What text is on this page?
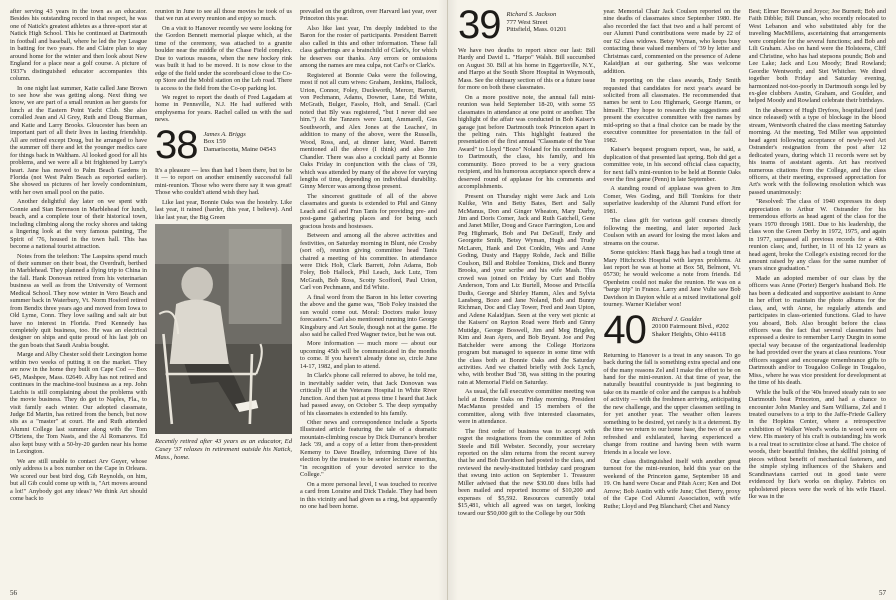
after serving 43 years in the town as an educator. Besides his outstanding record in that respect, he was one of Natick's greatest athletes as a three-sport star at Natick High School. This he continued at Dartmouth in football and baseball, where he led the Ivy League in batting for two years. He and Claire plan to stay around home for the winter and then look about New England for a place near a golf course. A picture of 1937's distinguished educator accompanies this column.

In one night last summer, Katie called Jane Brown to see how she was getting along. Next thing we know, we are part of a small reunion as her guests for lunch at the Eastern Point Yacht Club. She also corralled Jean and Al Grey, Ruth and Doug Burman, and Katie and Larry Brooks. Gloucester has been an important part of all their lives in lasting friendship. All are retired except Doug, but he arranged to have the summer off there and let the younger medics care for things back in Waltham. Al looked good for all his problems, and we were all a bit frightened by Larry's heart. Jane has moved to Palm Beach Gardens in Florida (not West Palm Beach as reported earlier). She showed us pictures of her lovely condominium, with her own small pool on the patio.

Another delightful day later on we spent with Connie and Stan Berenson in Marblehead for lunch, beach, and a complete tour of their historical town, including climbing along the rocky shores and taking a lingering look at the very famous painting, The Spirit of '76, housed in the town hall. This has become a national tourist attraction.

Notes from the telethon: The Laspsins spend much of their summer on their boat, the Overdraft, berthed in Marblehead. They planned a flying trip to China in the fall. Hank Donovan retired from his veterinarian business as well as from the University of Vermont Medical School. They now winter in Vero Beach and summer back in Waterbury, Vt. Norm Hosford retired from Bendix three years ago and moved from Iowa to Old Lyme, Conn. They love sailing and salt air but have no interest in Florida. Fred Kennedy has completely quit business, too. He was an electrical designer on ships and quite proud of his last job on the gun boats that Saudi Arabia bought.

Marge and Alby Chester sold their Lexington home within two weeks of putting it on the market. They are now in the home they built on Cape Cod — Box 645, Mashpee, Mass. 02649. Alby has not retired and continues in the machine-tool business as a rep. John Latchis is still complaining about the problems with the movie business. They do get to Naples, Fla., to visit family each winter. Our adopted classmate, Judge Ed Martin, has retired from the bench, but now sits as a "master" at court. He and Ruth attended Alumni College last summer along with the Tom O'Briens, the Tom Nasts, and the Al Romanovs. Ed also kept busy with a 50-by-20 garden near his home in Lexington.

We are still unable to contact Arv Guyer, whose only address is a box number on the Cape in Orleans. We scored our best bird dog, Gib Reynolds, on him, but all Gib could come up with is, "Art moves around a lot!" Anybody got any ideas? We think Art should come back to

reunion in June to see all those movies he took of us that we run at every reunion and enjoy so much.

On a visit to Hanover recently we were looking for the Gordon Bennett memorial plaque which, at the time of the ceremony, was attached to a granite boulder near the middle of the Chase Field complex. Due to various reasons, when the new hockey rink was built it had to be moved. It is now close to the edge of the field under the scoreboard close to the Co-op Store and the Mobil station on the Leb road. There is access to the field from the Co-op parking lot.

We regret to report the death of Fred Lagadam at home in Pennsville, N.J. He had suffered with emphysema for years. Rachel called us with the sad news.

38 James A. Briggs
Box 159
Damariscotta, Maine 04543

It's a pleasure — less than had I been there, but to be it — to report on another eminently successful fall mini-reunion. Those who were there say it was great! Those who couldn't attend wish they had.

Like last year, Bonnie Oaks was the hostelry. Like last year, it rained (harder, this year, I believe). And like last year, the Big Green

Recently retired after 43 years as an educator, Ed Casey '37 relaxes in retirement outside his Natick, Mass., home.

prevailed on the gridiron, over Harvard last year, over Princeton this year.

Also like last year, I'm deeply indebted to the Baron for the roster of participants. President Barrett also called in this and other information. These fall class gatherings are a brainchild of Clark's, for which he deserves our thanks. Any errors or omissions among the names are mea culpa, not Carl's or Clark's.

Registered at Bonnie Oaks were the following, most if not all cum wives: Graham, Jenkins, Hallock, Urion, Connor, Foley, Duckworth, Mercer, Barrett, von Pechmann, Adams, Downer, Lane, Ed White, McGrath, Bulger, Fasolo, Holt, and Small. (Carl noted that Bly was registered, "but I never did see him.") At the Tanzers were Lunt, Ammarell, Gus Southworth, and Alex Jones at the Leaches', in addition to many of the above, were the Russells, Wood, Ross, and, at dinner later, Ward. Barrett mentioned all the above (I think) and also Jim Chandler. There was also a cocktail party at Bonnie Oaks Friday in conjunction with the class of '39, which was attended by many of the above for varying lengths of time, depending on individual durability. Ginny Mercer was among those present.

The sincerest gratitude of all of the above classmates and guests is extended to Phil and Ginny Leach and Gil and Fran Tanis for providing pre- and post-game gathering places and for being such gracious hosts and hostesses.

Between and among all the above activities and festivities, on Saturday morning in Blunt, née Crosby (sort of), reunion giving committee head Tanis chaired a meeting of his committee. In attendance were Dick Holt, Clark Barrett, John Adams, Bob Foley, Bob Hallock, Phil Leach, Jack Lutz, Tom McGrath, Bob Ross, Scotty Scofford, Paul Urion, Carl von Pechmann, and Ed White.

A final word from the Baron in his letter covering the above and the game was, "Bob Foley insisted the sun would come out. Moral: Doctors make lousy forecasters." Carl also mentioned running into George Kingsbury and Art Soule, though not at the game. He also said he called Fred Wagner twice, but he was out.

More information — much more — about our upcoming 45th will be communicated in the months to come. If you haven't already done so, circle June 14-17, 1982, and plan to attend.

In Clark's phone call referred to above, he told me, in inevitably sadder vein, that Jack Donovan was critically ill at the Veterans Hospital in White River Junction. And then just at press time I heard that Jack had passed away, on October 5. The deep sympathy of his classmates is extended to his family.

Other news and correspondence include a Sports Illustrated article featuring the tale of a dramatic mountain-climbing rescue by Dick Durrance's brother Jack '39, and a copy of a letter from then-president Kemeny to Dave Bradley, informing Dave of his election by the trustees to be senior lecturer emeritus, "in recognition of your devoted service to the College."

On a more personal level, I was touched to receive a card from Loraine and Dick Tisdale. They had been in this vicinity and had given us a ring, but apparently no one had been home.

56
39 Richard S. Jackson
777 West Street
Pittsfield, Mass. 01201

We have two deaths to report since our last: Bill Hardy and David L. "Harpo" Walsh. Bill succumbed on August 30. Bill at his home in Eggertsville, N.Y., and Harpo at the South Shore Hospital in Weymouth, Mass. See the obituary section of this or a future issue for more on both these classmates.

On a more positive note, the annual fall mini-reunion was held September 18-20, with some 55 classmates in attendance at one point or another. The highlight of the affair was conducted in Bob Kaiser's garage just before Dartmouth took Princeton apart in the pelting rain. This highlight featured the presentation of the first annual "Classmate of the Year Award" to Lloyd "Bozo" Noland for his contributions to Dartmouth, the class, his family, and his community. Bozo proved to be a very gracious recipient, and his humorous acceptance speech drew a deserved round of applause for his comments and accomplishments.

Present on Thursday night were Jack and Lois Kulike, Win and Betty Bates, Bert and Sally McManus, Don and Ginger Wheaton, Mary Darby, Jim and Doris Comer, Jack and Ruth Gatchell, Gene and Janet Miller, Doug and Grace Farrington, Lou and Peg Highmark, Bob and Pat DeGraff, Endy and Georgette Smith, Betsy Wyman, Hugh and Trudy McLaren, Hank and Dot Conklin, Wes and Anne Goding, Dusty and Happy Rohde, Jack and Billie Coulson, Bill and Robilee Tomkins, Dick and Bunny Brooks, and your scribe and his wife Mash. This crowd was joined on Friday by Curt and Bobby Anderson, Tom and Liz Burtell, Moose and Priscilla Dudis, George and Shirley Hamm, Alex and Sylvia Lansberg, Bozo and Jane Noland, Bob and Bunny Richman, Doc and Clay Tower, Fred and Jean Upton, and Adene Kalaidjian. Seen at the very wet picnic at the Kaisers' on Rayton Road were Herb and Ginny Mutidge, George Boswell, Jim and Meg Brigden, Kim and Jean Ayers, and Bob Bryant. Joe and Peg Batchelder were among the College Horizons program but managed to squeeze in some time with the class both at Bonnie Oaks and the Saturday activities. And we chatted briefly with Jock Lynch, who, with brother Bud '38, was sitting in the pouring rain at Memorial Field on Saturday.

As usual, the fall executive committee meeting was held at Bonnie Oaks on Friday morning. President MacManus presided and 15 members of the committee, along with five interested classmates, were in attendance.

The first order of business was to accept with regret the resignations from the committee of John Steele and Bill Webster. Secondly, your secretary reported on the slim returns from the recent survey that he and Bob Davidson had posted to the class, and reviewed the newly-instituted birthday card program that swung into action on September 1. Treasurer Miller advised that the new $30.00 dues bills had been mailed and reported income of $10,200 and expenses of $5,592. Resources currently total $15,481, which all agreed was on target, looking toward our $50,000 gift to the College by our 50th

year. Memorial Chair Jack Coulson reported on the nine deaths of classmates since September 1980. He also recorded the fact that two and a half percent of our Alumni Fund contributions were made by 22 of our 62 class widows. Betsy Wyman, who keeps busy contacting these valued members of '39 by letter and Christmas card, commented on the presence of Adene Kalaidjian at our gathering. She was welcome addition.

In reporting on the class awards, Endy Smith requested that candidates for next year's award be solicited from all classmates. He recommended that names be sent to Lou Highmark, George Hamm, or himself. They hope to research the suggestions and present the executive committee with five names by mid-spring so that a final choice can be made by the executive committee for presentation in the fall of 1982.

Kaiser's bequest program report, was, he said, a duplication of that presented last spring. Bob did get a committee vote, in his second official class capacity, for next fall's mini-reunion to be held at Bonnie Oaks over the first game (Penn) in late September.

A standing round of applause was given to Jim Comer, Wes Goding, and Bill Tomkins for their superlative leadership of the Alumni Fund effort for 1981.

The class gift for various golf courses directly following the meeting, and later reported Jack Coulson with an award for losing the most lakes and streams on the course.

Some quickies: Hank Bagg has had a tough time at Mary Hitchcock Hospital with larynx problems. At last report he was at home at Box 58, Belmont, Vt. 05730; he would welcome a note from friends. Ed Openheim could not make the reunion. He was on a "barge trip" in France. Larry and Jane Vulte saw Bob Davidson in Dayton while at a mixed invitational golf tourney. Warner Kiefaber won!

40 Richard J. Goulder
20100 Fairmount Blvd., #202
Shaker Heights, Ohio 44118

Returning to Hanover is a treat in any season. To go back during the fall is something extra special and one of the many reasons Zel and I make the effort to be on hand for the mini-reunion. At that time of year, the naturally beautiful countryside is just beginning to take on its mantle of color and the campus is a hubbub of activity — with the freshmen arriving, anticipating the new challenge, and the upper classmen settling in for yet another year. The weather often leaves something to be desired, yet rarely is it a deterrent. By the time we return to our home base, the two of us are refreshed and exhilarated, having experienced a change from routine and having been with warm friends in a locale we love.

Our class distinguished itself with another great turnout for the mini-reunion, held this year on the weekend of the Princeton game, September 18 and 19. On hand were Oscar and Pitah Acer; Ken and Dot Arrow; Bob Austin with wife June; Chet Berry, proxy of the Cape Cod Alumni Association, with wife Ruthe; Lloyd and Peg Blanchard; Chet and Nancy

Best; Elmer Browne and Joyce; Joe Burnett; Bob and Faith Dibble; Bill Duncan, who recently relocated to West Lebanon and who substituted ably for the traveling MacMillens, ascertaining that arrangements were complete for the several functions; and Bob and Lili Graham. Also on hand were the Holsteens, Cliff and Christine, who has had stepsons pounds; Bob and Lee Lake; Jack and Lou Moody; Brad Rowland; Geordie Wentworth; and Stet Whitcher. We dined together both Friday and Saturday evening, harmonized not-too-poorly in Dartmouth songs led by ex-glee clubbers Austin, Graham, and Goulder, and helped Moody and Rowland celebrate their birthdays.

In the absence of Hugh Dryfoos, hospitalized (and since released) with a type of blockage in the blood stream, Wentworth chaired the class meeting Saturday morning. At the meeting, Ted Miller was appointed head agent following acceptance of newly-wed Art Ostrander's resignation from the post after 12 dedicated years, during which 11 records were set by his teams of assistant agents. Art has received numerous citations from the College, and the class officers, at their meeting, expressed appreciation for Art's work with the following resolution which was passed unanimously:

"Resolved: The class of 1940 expresses its deep appreciation to Arthur W. Ostrander for his tremendous efforts as head agent of the class for the years 1970 through 1981. Due to his leadership, the class won the Green Derby in 1972, 1975, and again in 1977, surpassed all previous records for a 40th reunion class; and, further, in 11 of his 12 years as head agent, broke the College's existing record for the amount raised by any class for the same number of years since graduation."

Made an adopted member of our class by the officers was Anne (Porter) Berger's husband Bob. He has been a dedicated and supportive assistant to Anne in her effort to maintain the photo albums for the class, and, with Anne, he regularly attends and participates in class-oriented functions. Glad to have you aboard, Bob. Also brought before the class officers was the fact that several classmates had expressed a desire to remember Larry Durgin in some special way because of the organizational leadership he had provided over the years at class reunions. Your officers suggest and encourage remembrance gifts to Dartmouth and/or to Tougaloo College in Tougaloo, Miss., where he was vice president for development at the time of his death.

While the bulk of the '40s braved steady rain to see Dartmouth beat Princeton, and had a chance to encounter John Manley and Sam Williams, Zel and I treated ourselves to a trip to the Jaffe-Friede Gallery in the Hopkins Center, where a retrospective exhibition of Walker Weed's works in wood were on view. His mastery of his craft is outstanding; his work is a real treat to scrutinize close at hand. The choice of woods, their beautiful finishes, the skillful joining of pieces without benefit of mechanical fasteners, and the simple styling influences of the Shakers and Scandinavians carried out in good taste were evidenced by Ike's works on display. Fabrics on upholstered pieces were the work of his wife Hazel. Ike was in the

57
